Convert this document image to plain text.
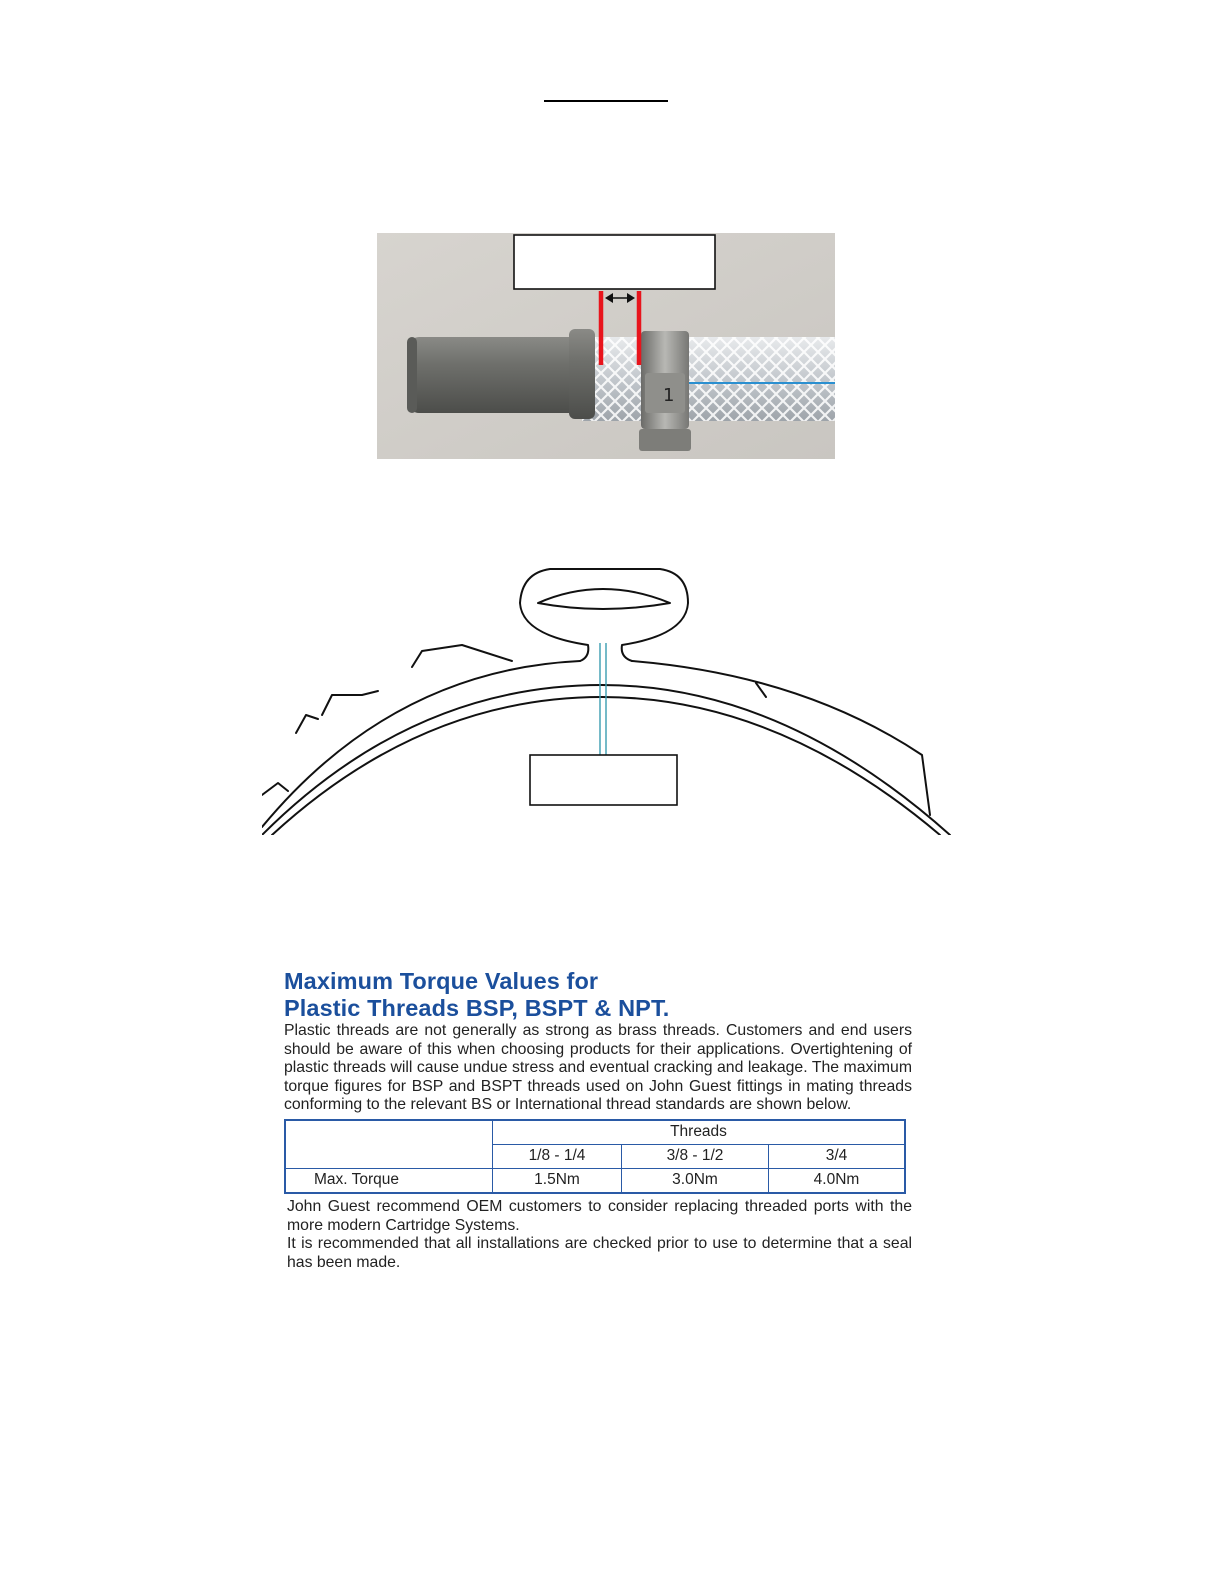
1

Maximum Torque Values for

Plastic Threads BSP, BSPT & NPT.

Plastic threads are not generally as strong as brass threads. Customers and end users should be aware of this when choosing products for their applications. Overtightening of plastic threads will cause undue stress and eventual cracking and leakage. The maximum torque figures for BSP and BSPT threads used on John Guest fittings in mating threads conforming to the relevant BS or International thread standards are shown below.

	Threads		
	1/8 - 1/4	3/8 - 1/2	3/4
Max. Torque	1.5Nm	3.0Nm	4.0Nm

John Guest recommend OEM customers to consider replacing threaded ports with the more modern Cartridge Systems.

It is recommended that all installations are checked prior to use to determine that a seal has been made.
